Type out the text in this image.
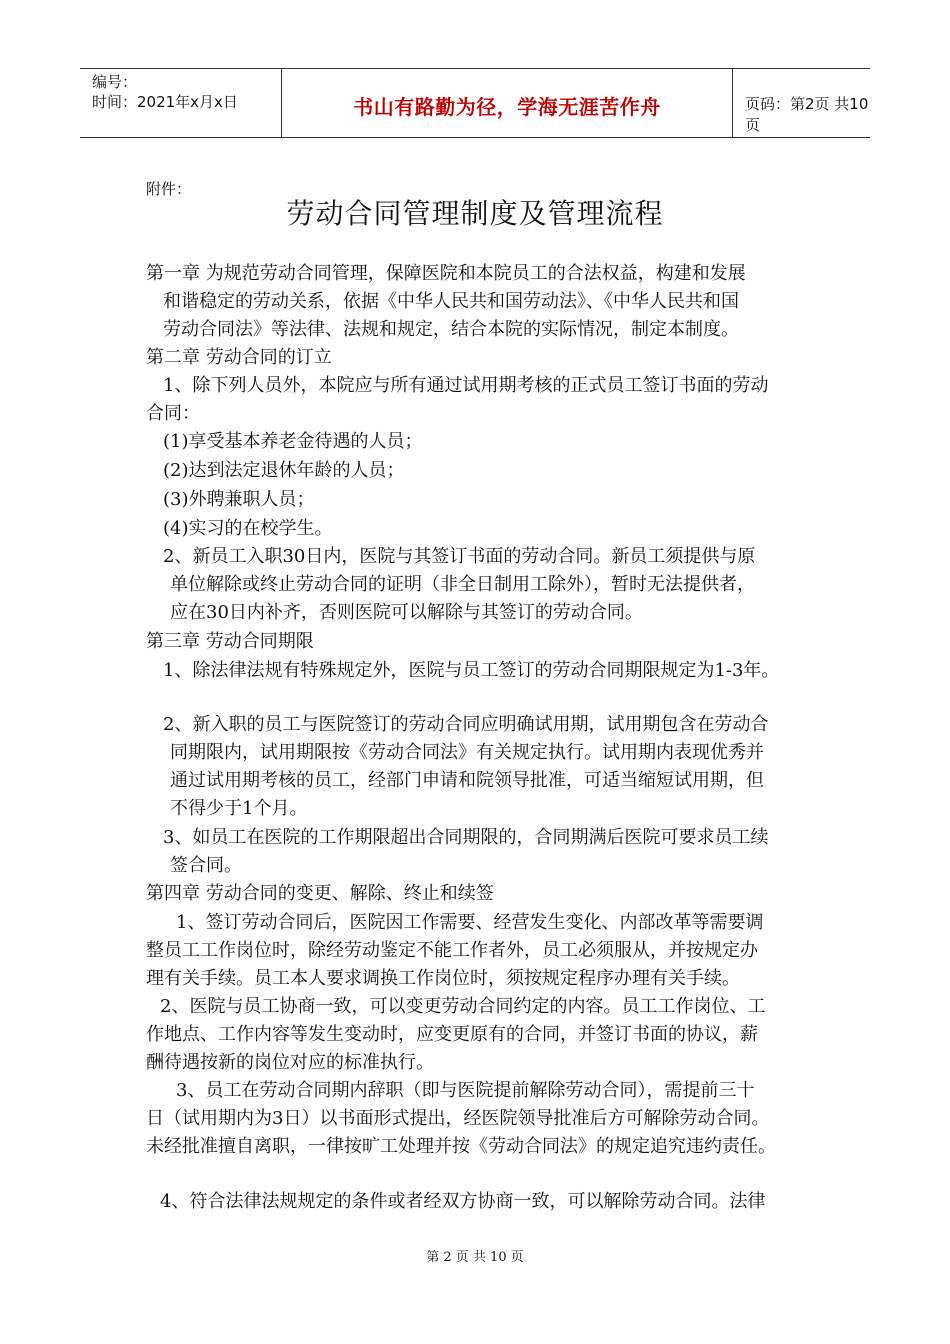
编号：
时间：2021年x月x日	书山有路勤为径，学海无涯苦作舟	页码：第2页 共10页
附件：
劳动合同管理制度及管理流程
第一章 为规范劳动合同管理，保障医院和本院员工的合法权益，构建和发展
和谐稳定的劳动关系，依据《中华人民共和国劳动法》、《中华人民共和国
劳动合同法》等法律、法规和规定，结合本院的实际情况，制定本制度。
第二章 劳动合同的订立
1、除下列人员外，本院应与所有通过试用期考核的正式员工签订书面的劳动
合同：
(1)享受基本养老金待遇的人员；
(2)达到法定退休年龄的人员；
(3)外聘兼职人员；
(4)实习的在校学生。
2、新员工入职30日内，医院与其签订书面的劳动合同。新员工须提供与原
单位解除或终止劳动合同的证明（非全日制用工除外），暂时无法提供者，
应在30日内补齐，否则医院可以解除与其签订的劳动合同。
第三章 劳动合同期限
1、除法律法规有特殊规定外，医院与员工签订的劳动合同期限规定为1-3年。
2、新入职的员工与医院签订的劳动合同应明确试用期，试用期包含在劳动合
同期限内，试用期限按《劳动合同法》有关规定执行。试用期内表现优秀并
通过试用期考核的员工，经部门申请和院领导批准，可适当缩短试用期，但
不得少于1个月。
3、如员工在医院的工作期限超出合同期限的，合同期满后医院可要求员工续
签合同。
第四章 劳动合同的变更、解除、终止和续签
1、签订劳动合同后，医院因工作需要、经营发生变化、内部改革等需要调
整员工工作岗位时，除经劳动鉴定不能工作者外，员工必须服从，并按规定办
理有关手续。员工本人要求调换工作岗位时，须按规定程序办理有关手续。
2、医院与员工协商一致，可以变更劳动合同约定的内容。员工工作岗位、工
作地点、工作内容等发生变动时，应变更原有的合同，并签订书面的协议，薪
酬待遇按新的岗位对应的标准执行。
3、员工在劳动合同期内辞职（即与医院提前解除劳动合同），需提前三十
日（试用期内为3日）以书面形式提出，经医院领导批准后方可解除劳动合同。
未经批准擅自离职，一律按旷工处理并按《劳动合同法》的规定追究违约责任。
4、符合法律法规规定的条件或者经双方协商一致，可以解除劳动合同。法律
第 2 页 共 10 页
